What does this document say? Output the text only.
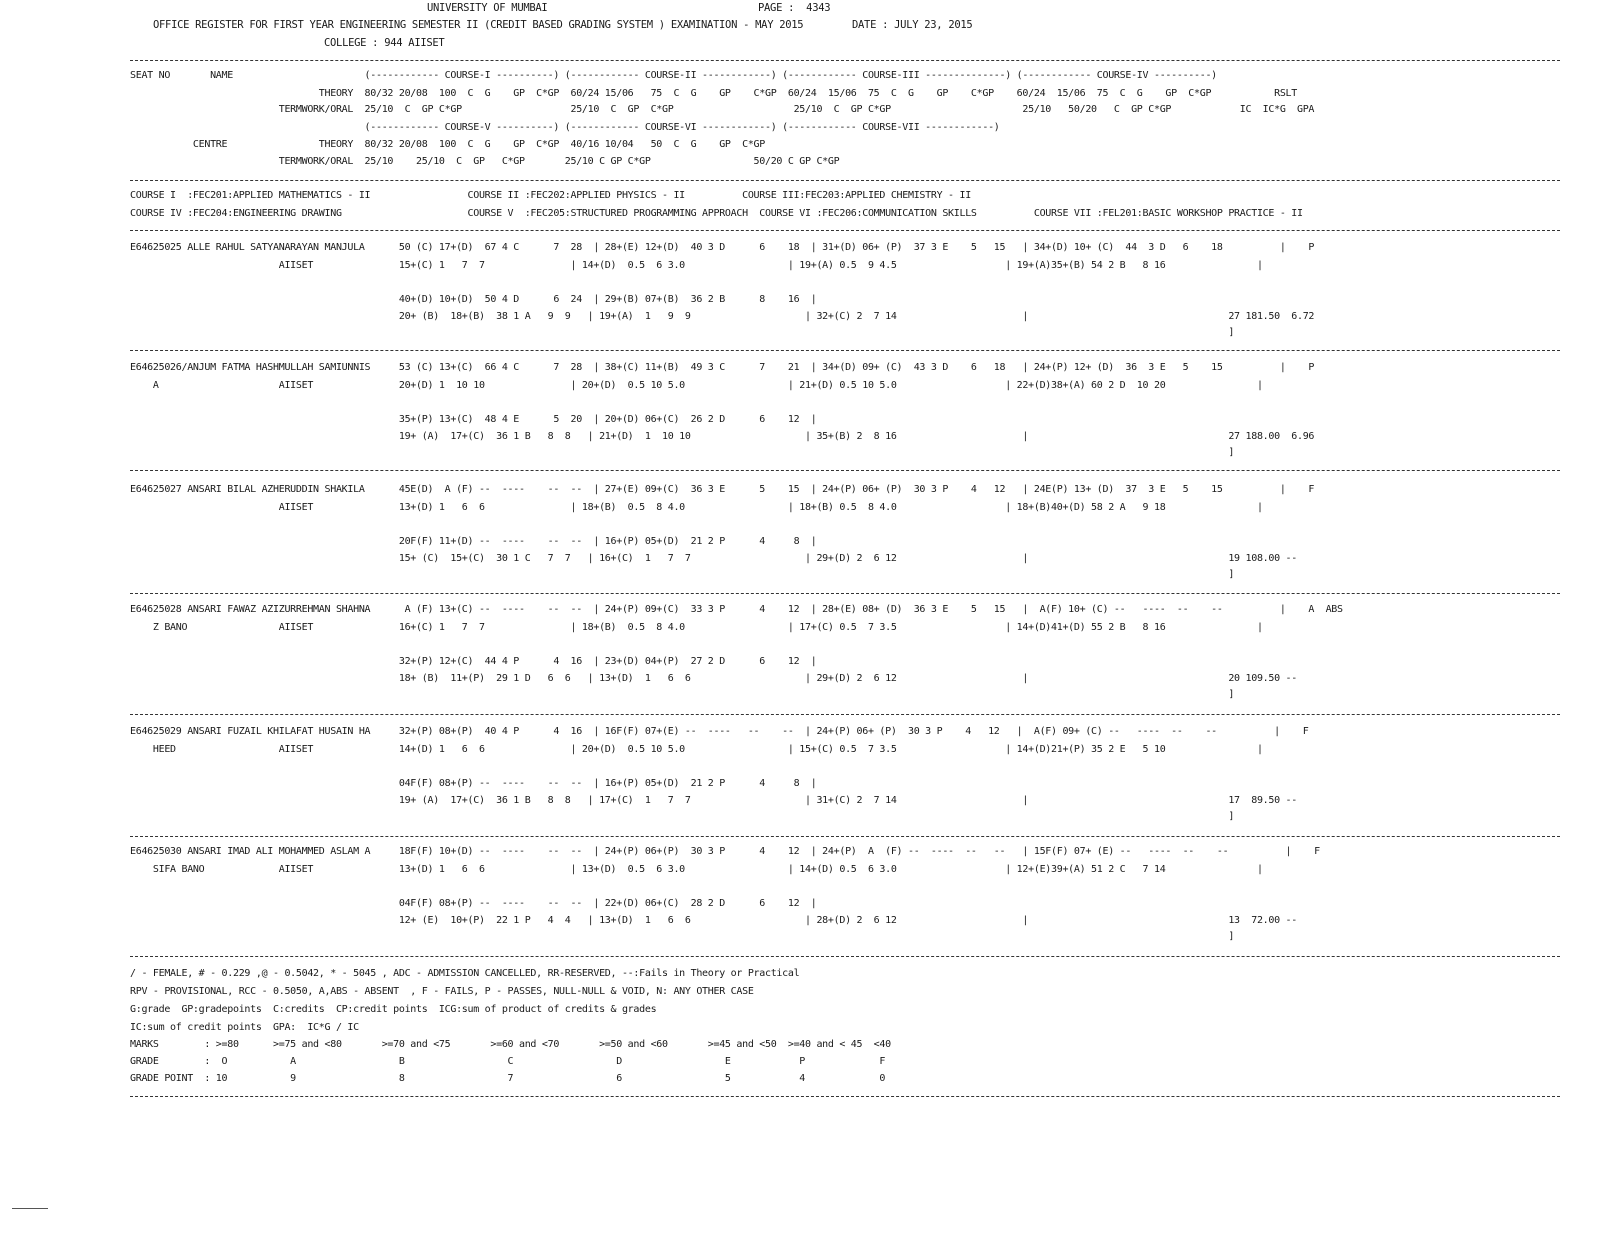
UNIVERSITY OF MUMBAI	PAGE :  4343
OFFICE REGISTER FOR FIRST YEAR ENGINEERING SEMESTER II (CREDIT BASED GRADING SYSTEM ) EXAMINATION - MAY 2015	DATE : JULY 23, 2015
COLLEGE : 944 AIISET
SEAT NO       NAME                       (------------ COURSE-I ----------) (------------ COURSE-II ------------) (------------ COURSE-III --------------) (------------ COURSE-IV ----------)
THEORY  80/32 20/08  100  C  G    GP  C*GP  60/24 15/06   75  C  G    GP    C*GP  60/24  15/06  75  C  G    GP    C*GP    60/24  15/06  75  C  G    GP  C*GP           RSLT
TERMWORK/ORAL  25/10  C  GP C*GP                   25/10  C  GP  C*GP                     25/10  C  GP C*GP                       25/10   50/20   C  GP C*GP            IC  IC*G  GPA
(------------ COURSE-V ----------) (------------ COURSE-VI ------------) (------------ COURSE-VII ------------)
CENTRE                THEORY  80/32 20/08  100  C  G    GP  C*GP  40/16 10/04   50  C  G    GP  C*GP
TERMWORK/ORAL  25/10    25/10  C  GP   C*GP       25/10 C GP C*GP                  50/20 C GP C*GP
COURSE I  :FEC201:APPLIED MATHEMATICS - II                 COURSE II :FEC202:APPLIED PHYSICS - II          COURSE III:FEC203:APPLIED CHEMISTRY - II
COURSE IV :FEC204:ENGINEERING DRAWING                      COURSE V  :FEC205:STRUCTURED PROGRAMMING APPROACH  COURSE VI :FEC206:COMMUNICATION SKILLS          COURSE VII :FEL201:BASIC WORKSHOP PRACTICE - II
E64625025 ALLE RAHUL SATYANARAYAN MANJULA      50 (C) 17+(D)  67 4 C      7  28  | 28+(E) 12+(D)  40 3 D      6    18  | 31+(D) 06+ (P)  37 3 E    5   15   | 34+(D) 10+ (C)  44  3 D   6    18          |    P
AIISET               15+(C) 1   7  7               | 14+(D)  0.5  6 3.0                  | 19+(A) 0.5  9 4.5                   | 19+(A)35+(B) 54 2 B   8 16                |
40+(D) 10+(D)  50 4 D      6  24  | 29+(B) 07+(B)  36 2 B      8    16  |
20+ (B)  18+(B)  38 1 A   9  9   | 19+(A)  1   9  9                    | 32+(C) 2  7 14                      |                                   27 181.50  6.72
]
E64625026/ANJUM FATMA HASHMULLAH SAMIUNNIS     53 (C) 13+(C)  66 4 C      7  28  | 38+(C) 11+(B)  49 3 C      7    21  | 34+(D) 09+ (C)  43 3 D    6   18   | 24+(P) 12+ (D)  36  3 E   5    15          |    P
A                     AIISET               20+(D) 1  10 10               | 20+(D)  0.5 10 5.0                  | 21+(D) 0.5 10 5.0                   | 22+(D)38+(A) 60 2 D  10 20                |
35+(P) 13+(C)  48 4 E      5  20  | 20+(D) 06+(C)  26 2 D      6    12  |
19+ (A)  17+(C)  36 1 B   8  8   | 21+(D)  1  10 10                    | 35+(B) 2  8 16                      |                                   27 188.00  6.96
]
E64625027 ANSARI BILAL AZHERUDDIN SHAKILA      45E(D)  A (F) --  ----    --  --  | 27+(E) 09+(C)  36 3 E      5    15  | 24+(P) 06+ (P)  30 3 P    4   12   | 24E(P) 13+ (D)  37  3 E   5    15          |    F
AIISET               13+(D) 1   6  6               | 18+(B)  0.5  8 4.0                  | 18+(B) 0.5  8 4.0                   | 18+(B)40+(D) 58 2 A   9 18                |
20F(F) 11+(D) --  ----    --  --  | 16+(P) 05+(D)  21 2 P      4     8  |
15+ (C)  15+(C)  30 1 C   7  7   | 16+(C)  1   7  7                    | 29+(D) 2  6 12                      |                                   19 108.00 --
]
E64625028 ANSARI FAWAZ AZIZURREHMAN SHAHNA      A (F) 13+(C) --  ----    --  --  | 24+(P) 09+(C)  33 3 P      4    12  | 28+(E) 08+ (D)  36 3 E    5   15   |  A(F) 10+ (C) --   ----  --    --          |    A  ABS
Z BANO                AIISET               16+(C) 1   7  7               | 18+(B)  0.5  8 4.0                  | 17+(C) 0.5  7 3.5                   | 14+(D)41+(D) 55 2 B   8 16                |
32+(P) 12+(C)  44 4 P      4  16  | 23+(D) 04+(P)  27 2 D      6    12  |
18+ (B)  11+(P)  29 1 D   6  6   | 13+(D)  1   6  6                    | 29+(D) 2  6 12                      |                                   20 109.50 --
]
E64625029 ANSARI FUZAIL KHILAFAT HUSAIN HA     32+(P) 08+(P)  40 4 P      4  16  | 16F(F) 07+(E) --  ----   --    --  | 24+(P) 06+ (P)  30 3 P    4   12   |  A(F) 09+ (C) --   ----  --    --          |    F
HEED                  AIISET               14+(D) 1   6  6               | 20+(D)  0.5 10 5.0                  | 15+(C) 0.5  7 3.5                   | 14+(D)21+(P) 35 2 E   5 10                |
04F(F) 08+(P) --  ----    --  --  | 16+(P) 05+(D)  21 2 P      4     8  |
19+ (A)  17+(C)  36 1 B   8  8   | 17+(C)  1   7  7                    | 31+(C) 2  7 14                      |                                   17  89.50 --
]
E64625030 ANSARI IMAD ALI MOHAMMED ASLAM A     18F(F) 10+(D) --  ----    --  --  | 24+(P) 06+(P)  30 3 P      4    12  | 24+(P)  A  (F) --  ----  --   --   | 15F(F) 07+ (E) --   ----  --    --          |    F
SIFA BANO             AIISET               13+(D) 1   6  6               | 13+(D)  0.5  6 3.0                  | 14+(D) 0.5  6 3.0                   | 12+(E)39+(A) 51 2 C   7 14                |
04F(F) 08+(P) --  ----    --  --  | 22+(D) 06+(C)  28 2 D      6    12  |
12+ (E)  10+(P)  22 1 P   4  4   | 13+(D)  1   6  6                    | 28+(D) 2  6 12                      |                                   13  72.00 --
]
/ - FEMALE, # - 0.229 ,@ - 0.5042, * - 5045 , ADC - ADMISSION CANCELLED, RR-RESERVED, --:Fails in Theory or Practical
RPV - PROVISIONAL, RCC - 0.5050, A,ABS - ABSENT  , F - FAILS, P - PASSES, NULL-NULL & VOID, N: ANY OTHER CASE
G:grade  GP:gradepoints  C:credits  CP:credit points  ICG:sum of product of credits & grades
IC:sum of credit points  GPA:  IC*G / IC
MARKS        : >=80      >=75 and <80       >=70 and <75       >=60 and <70       >=50 and <60       >=45 and <50  >=40 and < 45  <40
GRADE        :  O           A                  B                  C                  D                  E            P             F
GRADE POINT  : 10           9                  8                  7                  6                  5            4             0
